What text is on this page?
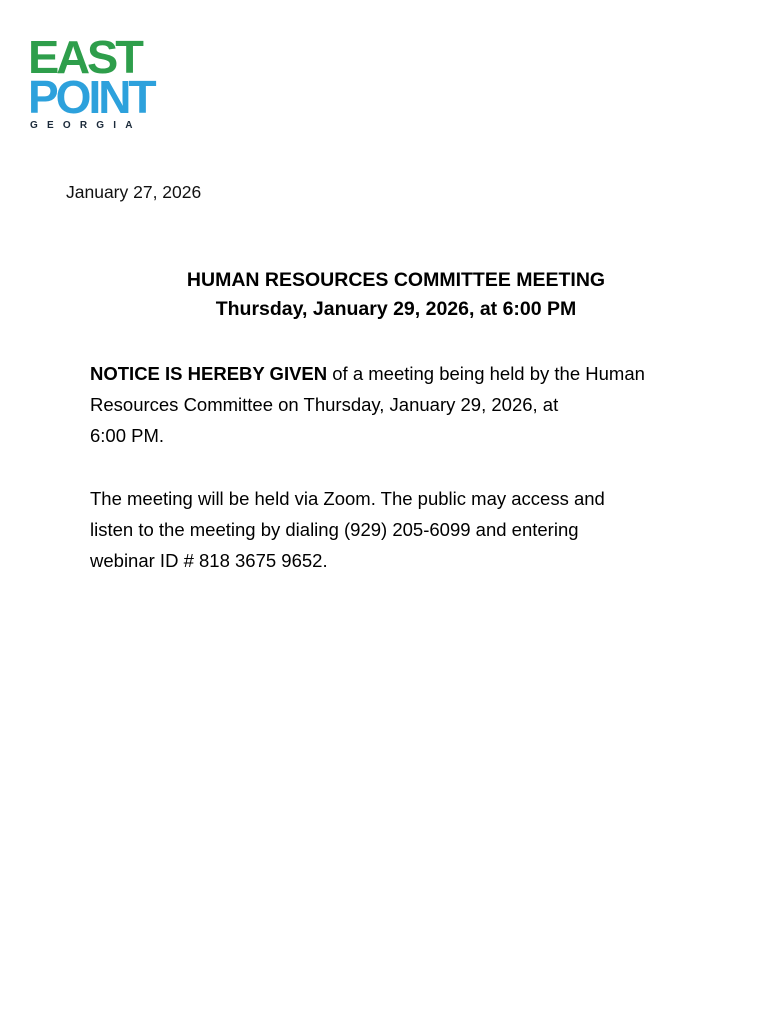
EAST
POINT
GEORGIA
January 27, 2026
HUMAN RESOURCES COMMITTEE MEETING
Thursday, January 29, 2026, at 6:00 PM
NOTICE IS HEREBY GIVEN of a meeting being held by the Human
Resources Committee on Thursday, January 29, 2026, at
6:00 PM.
The meeting will be held via Zoom. The public may access and
listen to the meeting by dialing (929) 205-6099 and entering
webinar ID # 818 3675 9652.
